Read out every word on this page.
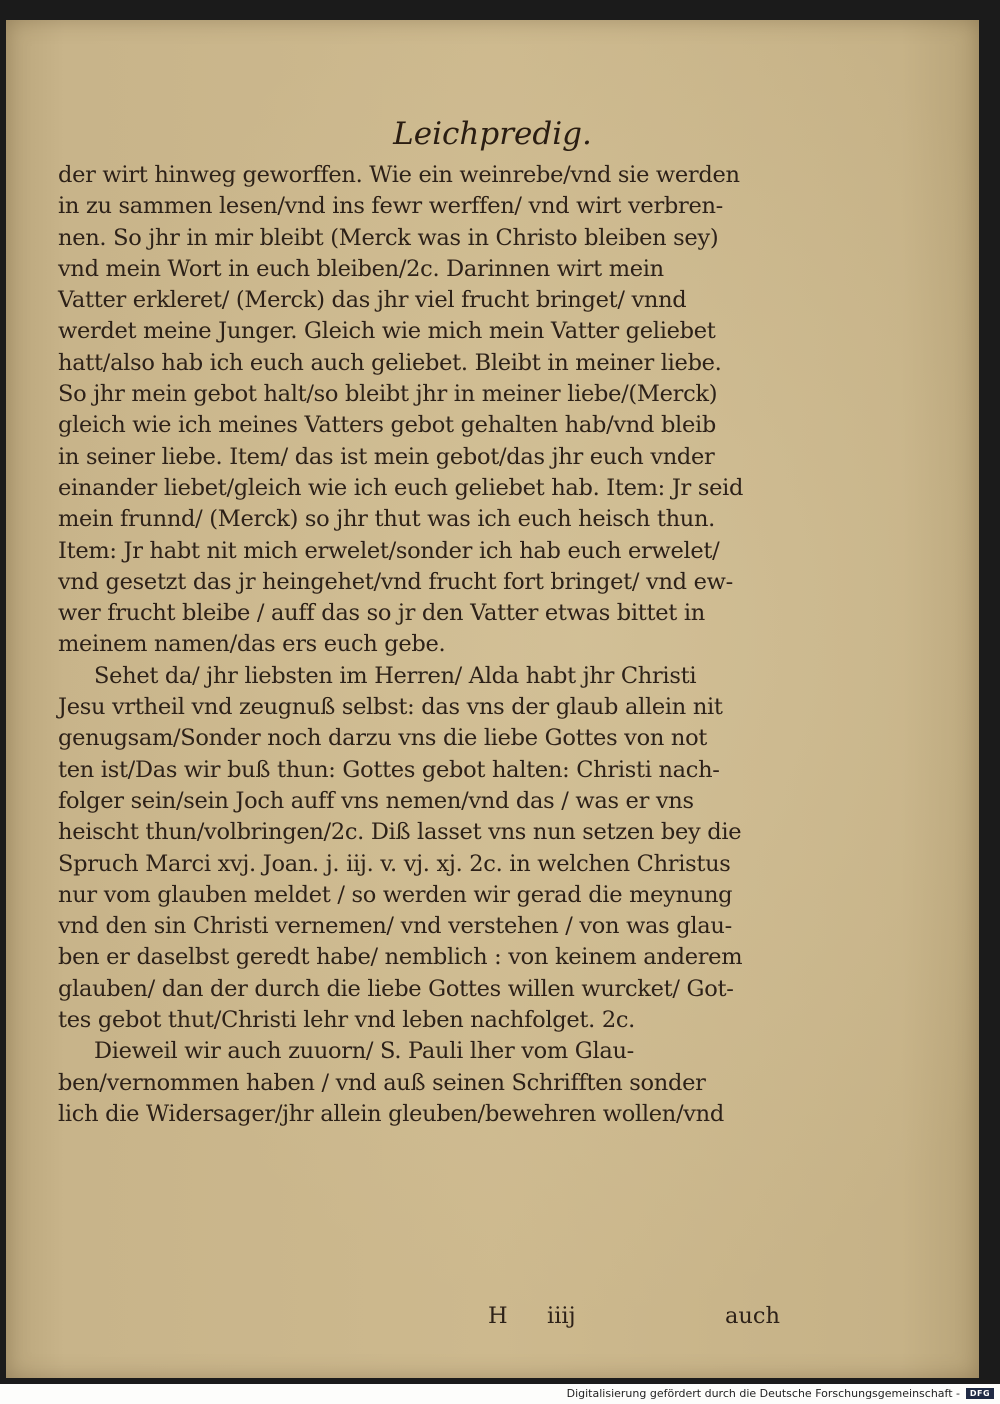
Leichpredig.
der wirt hinweg geworffen. Wie ein weinrebe/vnd sie werden
in zu sammen lesen/vnd ins fewr werffen/ vnd wirt verbren-
nen. So jhr in mir bleibt (Merck was in Christo bleiben sey)
vnd mein Wort in euch bleiben/2c. Darinnen wirt mein
Vatter erkleret/ (Merck) das jhr viel frucht bringet/ vnnd
werdet meine Junger. Gleich wie mich mein Vatter geliebet
hatt/also hab ich euch auch geliebet. Bleibt in meiner liebe.
So jhr mein gebot halt/so bleibt jhr in meiner liebe/(Merck)
gleich wie ich meines Vatters gebot gehalten hab/vnd bleib
in seiner liebe. Item/ das ist mein gebot/das jhr euch vnder
einander liebet/gleich wie ich euch geliebet hab. Item: Jr seid
mein frunnd/ (Merck) so jhr thut was ich euch heisch thun.
Item: Jr habt nit mich erwelet/sonder ich hab euch erwelet/
vnd gesetzt das jr heingehet/vnd frucht fort bringet/ vnd ew-
wer frucht bleibe / auff das so jr den Vatter etwas bittet in
meinem namen/das ers euch gebe.
Sehet da/ jhr liebsten im Herren/ Alda habt jhr Christi
Jesu vrtheil vnd zeugnuß selbst: das vns der glaub allein nit
genugsam/Sonder noch darzu vns die liebe Gottes von not
ten ist/Das wir buß thun: Gottes gebot halten: Christi nach-
folger sein/sein Joch auff vns nemen/vnd das / was er vns
heischt thun/volbringen/2c. Diß lasset vns nun setzen bey die
Spruch Marci xvj. Joan. j. iij. v. vj. xj. 2c. in welchen Christus
nur vom glauben meldet / so werden wir gerad die meynung
vnd den sin Christi vernemen/ vnd verstehen / von was glau-
ben er daselbst geredt habe/ nemblich : von keinem anderem
glauben/ dan der durch die liebe Gottes willen wurcket/ Got-
tes gebot thut/Christi lehr vnd leben nachfolget. 2c.
Dieweil wir auch zuuorn/ S. Pauli lher vom Glau-
ben/vernommen haben / vnd auß seinen Schrifften sonder
lich die Widersager/jhr allein gleuben/bewehren wollen/vnd
H iiij	auch
Digitalisierung gefördert durch die Deutsche Forschungsgemeinschaft -	DFG
